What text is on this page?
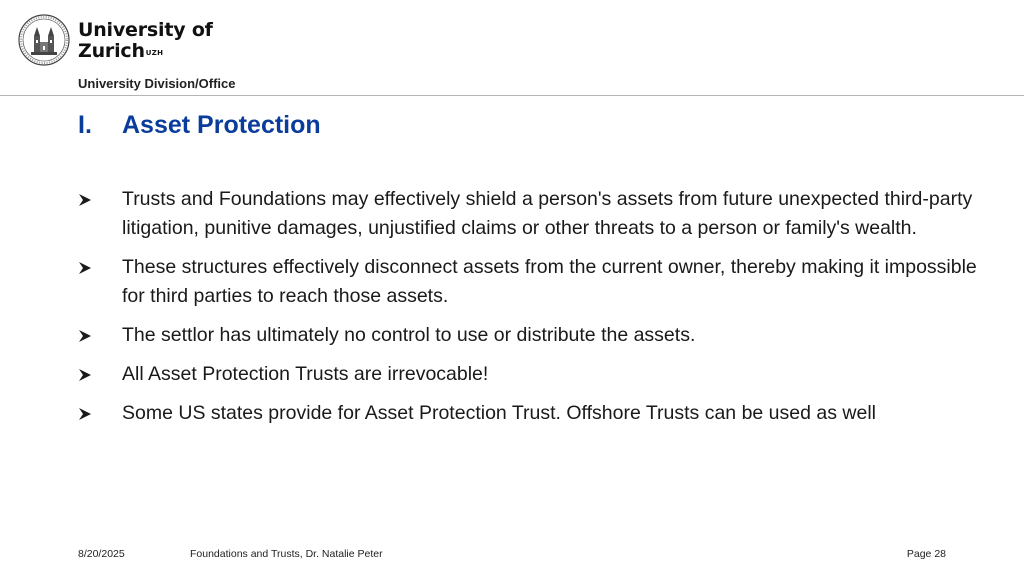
University of
Zurich$^{UZH}$
University Division/Office
I. Asset Protection
Trusts and Foundations may effectively shield a person's assets from future unexpected third-party litigation, punitive damages, unjustified claims or other threats to a person or family's wealth.
These structures effectively disconnect assets from the current owner, thereby making it impossible for third parties to reach those assets.
The settlor has ultimately no control to use or distribute the assets.
All Asset Protection Trusts are irrevocable!
Some US states provide for Asset Protection Trust. Offshore Trusts can be used as well
8/20/2025	Foundations and Trusts, Dr. Natalie Peter	Page 28
